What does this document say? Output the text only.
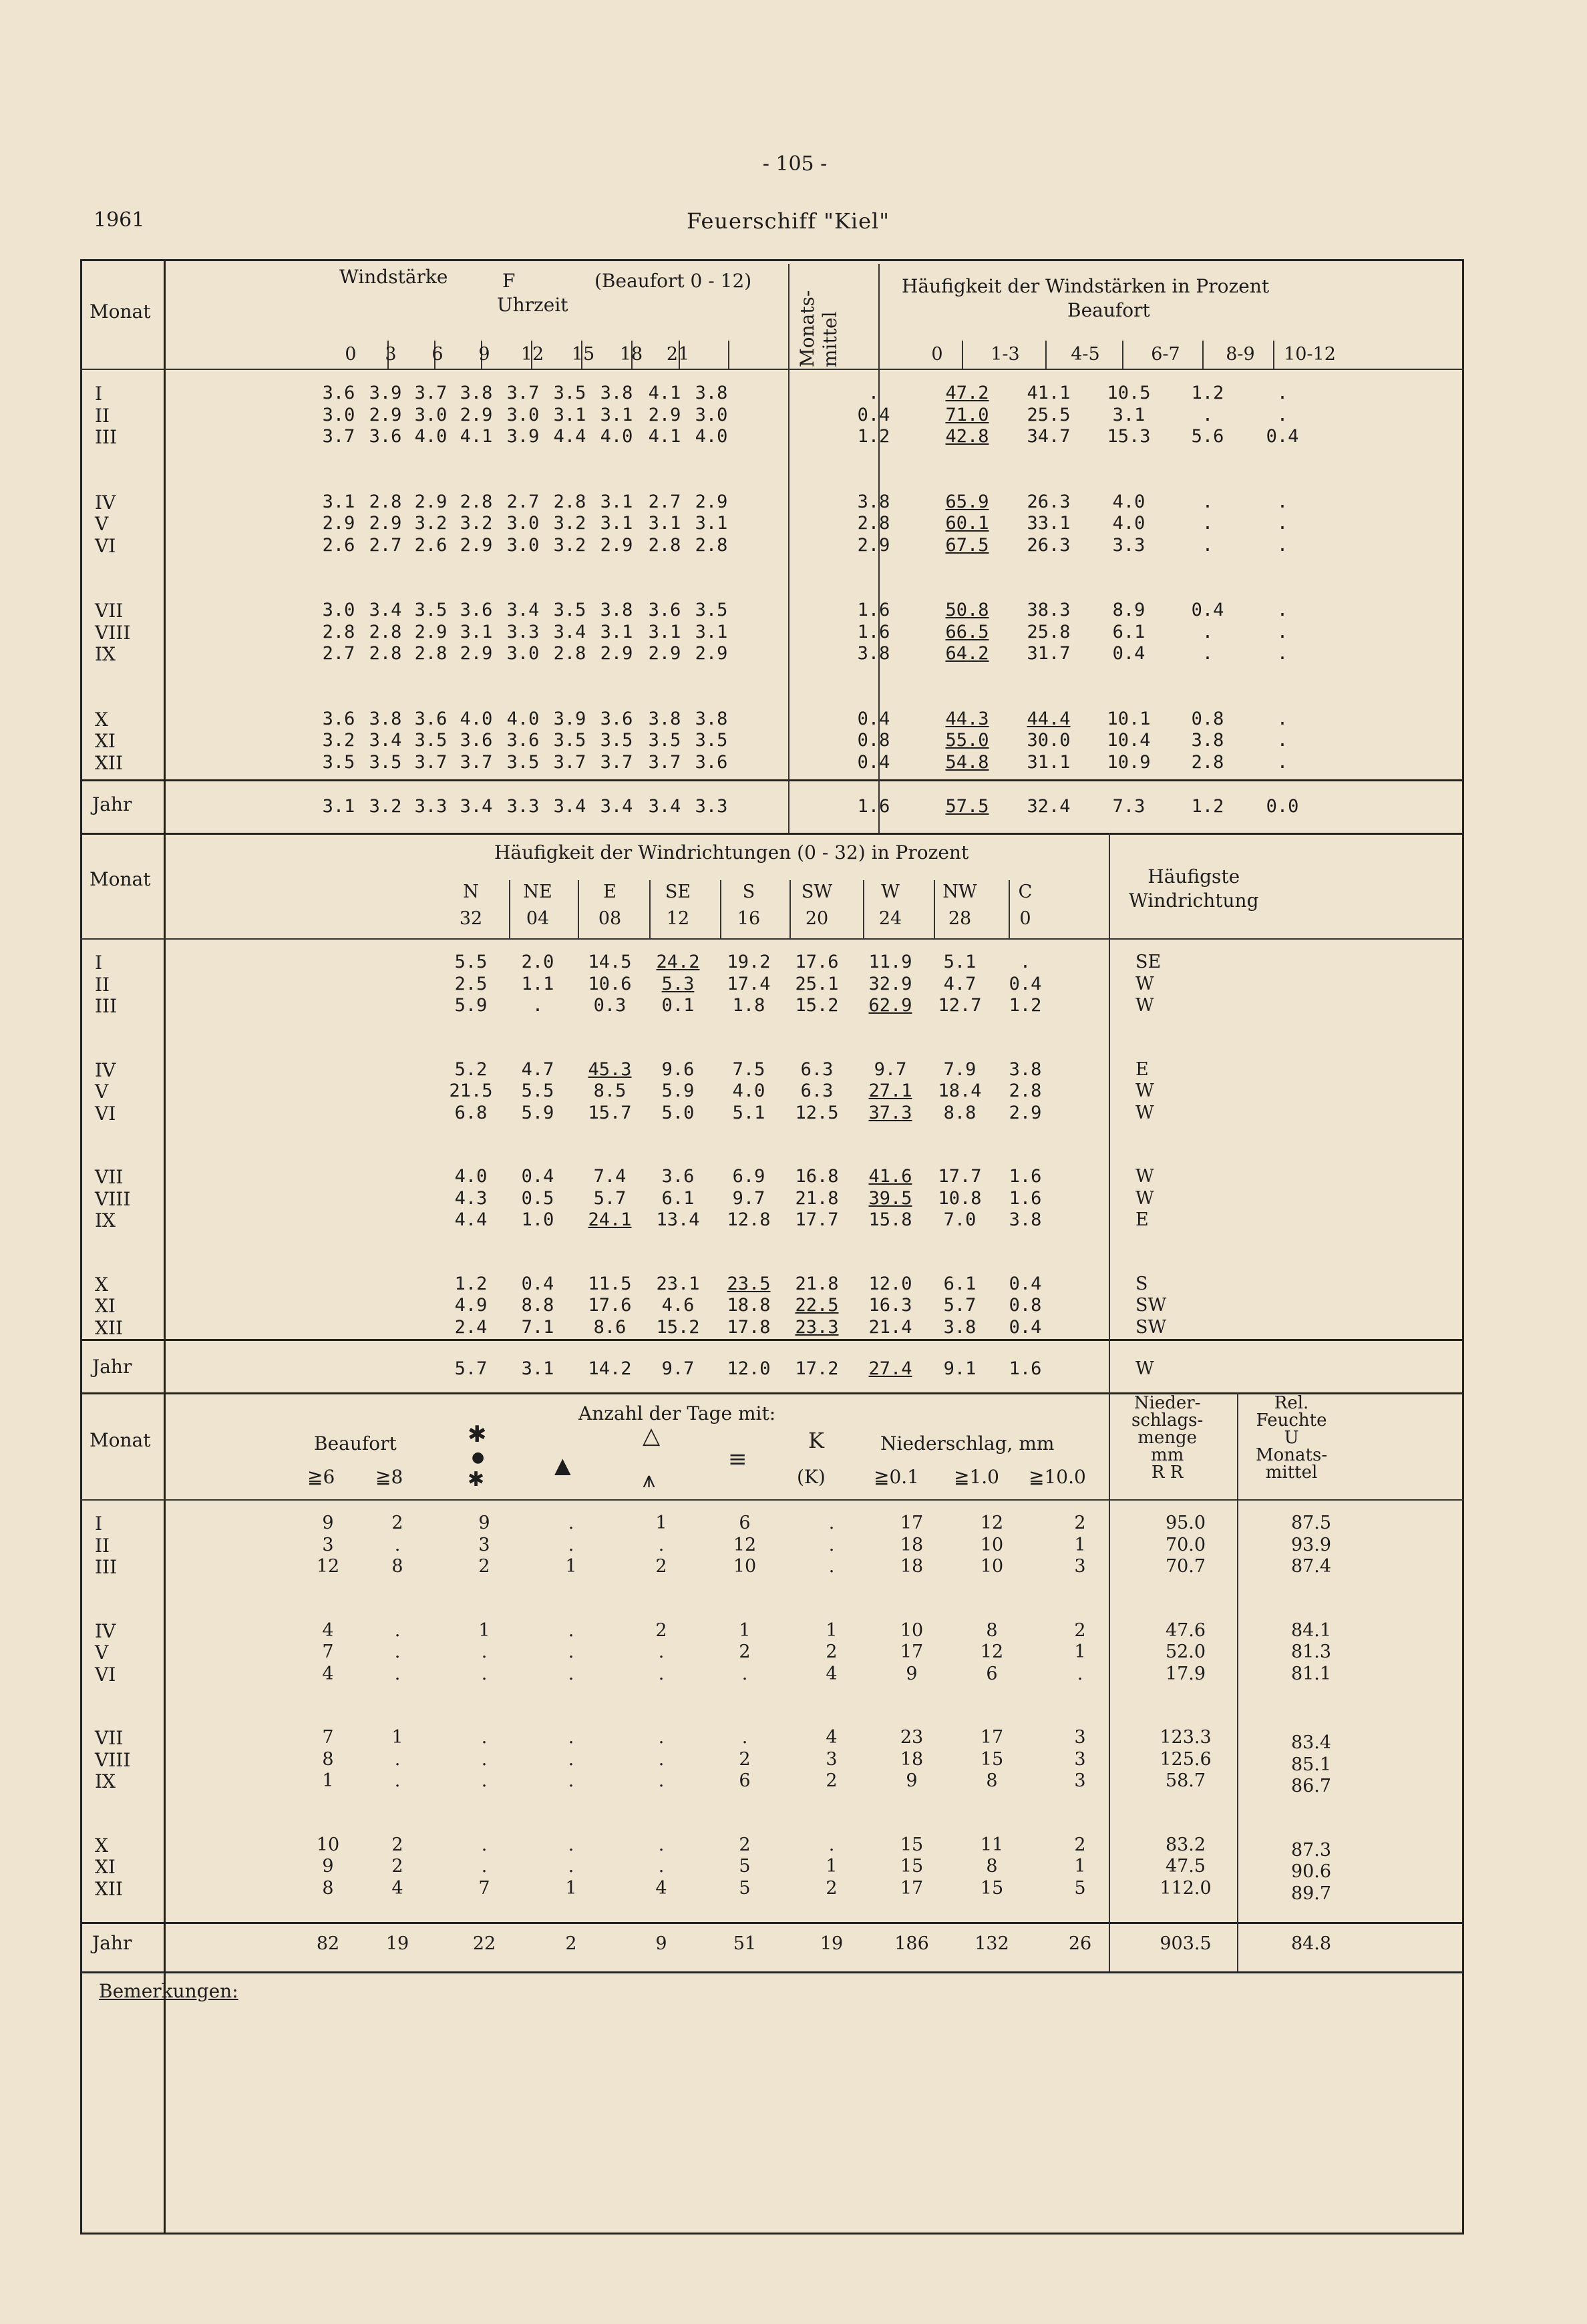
- 105 -
1961	Feuerschiff "Kiel"
Monat
Monat
Monat
Jahr
Jahr
Jahr
Windstärke	F	(Beaufort 0 - 12)
Uhrzeit	Monats-
mittel
Häufigkeit der Windstärken in Prozent
Beaufort
Häufigkeit der Windrichtungen (0 - 32) in Prozent
Häufigste
Windrichtung
Anzahl der Tage mit:
Beaufort
≧6 ≧8
✱
●
✱
▲
△
⩚
≡
K
(K)
Niederschlag, mm
≧0.1 ≧1.0 ≧10.0
Nieder-
schlags-
menge
mm
R R
Rel.
Feuchte
U
Monats-
mittel
Bemerkungen:
0	3	6	9	12	15	18	21	0	1-3	4-5	6-7	8-9	10-12
I	3.6 3.9 3.7 3.8 3.7 3.5 3.8 4.1 3.8	.	47.2	41.1	10.5	1.2	.
II	3.0 2.9 3.0 2.9 3.0 3.1 3.1 2.9 3.0	0.4	71.0	25.5	3.1	.	.
III	3.7 3.6 4.0 4.1 3.9 4.4 4.0 4.1 4.0	1.2	42.8	34.7	15.3	5.6	0.4
IV	3.1 2.8 2.9 2.8 2.7 2.8 3.1 2.7 2.9	3.8	65.9	26.3	4.0	.	.
V	2.9 2.9 3.2 3.2 3.0 3.2 3.1 3.1 3.1	2.8	60.1	33.1	4.0	.	.
VI	2.6 2.7 2.6 2.9 3.0 3.2 2.9 2.8 2.8	2.9	67.5	26.3	3.3	.	.
VII	3.0 3.4 3.5 3.6 3.4 3.5 3.8 3.6 3.5	1.6	50.8	38.3	8.9	0.4	.
VIII	2.8 2.8 2.9 3.1 3.3 3.4 3.1 3.1 3.1	1.6	66.5	25.8	6.1	.	.
IX	2.7 2.8 2.8 2.9 3.0 2.8 2.9 2.9 2.9	3.8	64.2	31.7	0.4	.	.
X	3.6 3.8 3.6 4.0 4.0 3.9 3.6 3.8 3.8	0.4	44.3	44.4	10.1	0.8	.
XI	3.2 3.4 3.5 3.6 3.6 3.5 3.5 3.5 3.5	0.8	55.0	30.0	10.4	3.8	.
XII	3.5 3.5 3.7 3.7 3.5 3.7 3.7 3.7 3.6	0.4	54.8	31.1	10.9	2.8	.
3.1 3.2 3.3 3.4 3.3 3.4 3.4 3.4 3.3	1.6	57.5	32.4	7.3	1.2	0.0
N	NE	E	SE	S	SW	W	NW	C
32	04	08	12	16	20	24	28	0
I	5.5	2.0	14.5	24.2	19.2	17.6	11.9	5.1	.	SE
II	2.5	1.1	10.6	5.3	17.4	25.1	32.9	4.7	0.4	W
III	5.9	.	0.3	0.1	1.8	15.2	62.9	12.7	1.2	W
IV	5.2	4.7	45.3	9.6	7.5	6.3	9.7	7.9	3.8	E
V	21.5	5.5	8.5	5.9	4.0	6.3	27.1	18.4	2.8	W
VI	6.8	5.9	15.7	5.0	5.1	12.5	37.3	8.8	2.9	W
VII	4.0	0.4	7.4	3.6	6.9	16.8	41.6	17.7	1.6	W
VIII	4.3	0.5	5.7	6.1	9.7	21.8	39.5	10.8	1.6	W
IX	4.4	1.0	24.1	13.4	12.8	17.7	15.8	7.0	3.8	E
X	1.2	0.4	11.5	23.1	23.5	21.8	12.0	6.1	0.4	S
XI	4.9	8.8	17.6	4.6	18.8	22.5	16.3	5.7	0.8	SW
XII	2.4	7.1	8.6	15.2	17.8	23.3	21.4	3.8	0.4	SW
5.7	3.1	14.2	9.7	12.0	17.2	27.4	9.1	1.6	W
I	9	2	9	.	1	6	.	17	12	2	95.0	87.5
II	3	.	3	.	.	12	.	18	10	1	70.0	93.9
III	12	8	2	1	2	10	.	18	10	3	70.7	87.4
IV	4	.	1	.	2	1	1	10	8	2	47.6	84.1
V	7	.	.	.	.	2	2	17	12	1	52.0	81.3
VI	4	.	.	.	.	.	4	9	6	.	17.9	81.1
VII	7	1	.	.	.	.	4	23	17	3	123.3	83.4
VIII	8	.	.	.	.	2	3	18	15	3	125.6	85.1
IX	1	.	.	.	.	6	2	9	8	3	58.7	86.7
X	10	2	.	.	.	2	.	15	11	2	83.2	87.3
XI	9	2	.	.	.	5	1	15	8	1	47.5	90.6
XII	8	4	7	1	4	5	2	17	15	5	112.0	89.7
82	19	22	2	9	51	19	186	132	26	903.5	84.8
